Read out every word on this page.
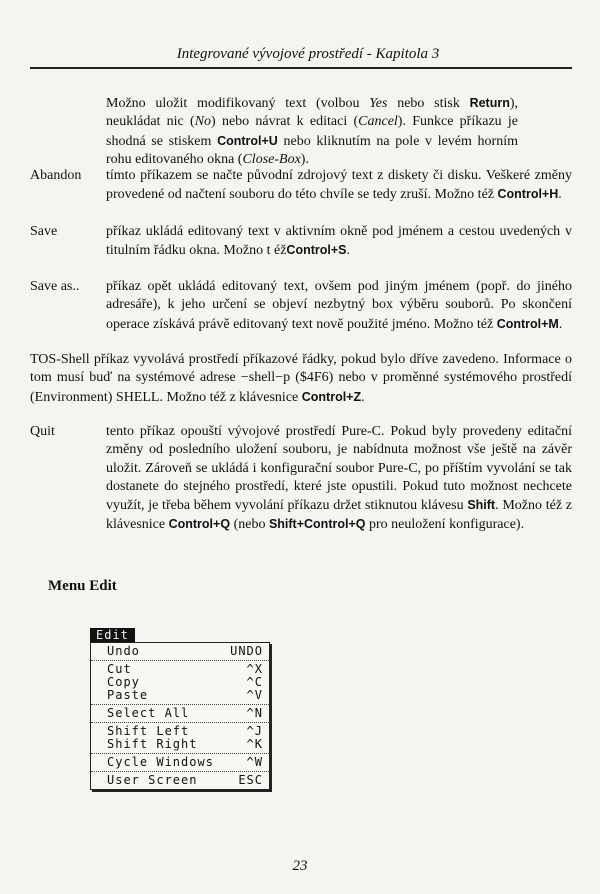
Integrované vývojové prostředí - Kapitola 3
Možno uložit modifikovaný text (volbou Yes nebo stisk Return), neukládat nic (No) nebo návrat k editaci (Cancel). Funkce příkazu je shodná se stiskem Control+U nebo kliknutím na pole v levém horním rohu editovaného okna (Close-Box).
Abandon tímto příkazem se načte původní zdrojový text z diskety či disku. Veškeré změny provedené od načtení souboru do této chvíle se tedy zruší. Možno též Control+H.
Save	příkaz ukládá editovaný text v aktivním okně pod jménem a cestou uvedených v titulním řádku okna. Možno t éžControl+S.
Save as.. příkaz opět ukládá editovaný text, ovšem pod jiným jménem (popř. do jiného adresáře), k jeho určení se objeví nezbytný box výběru souborů. Po skončení operace získává právě editovaný text nově použité jméno. Možno též Control+M.
TOS-Shell příkaz vyvolává prostředí příkazové řádky, pokud bylo dříve zavedeno. Informace o tom musí buď na systémové adrese −shell−p ($4F6) nebo v proměnné systémového prostředí (Environment) SHELL. Možno též z klávesnice Control+Z.
Quit	tento příkaz opouští vývojové prostředí Pure-C. Pokud byly provedeny editační změny od posledního uložení souboru, je nabídnuta možnost vše ještě na závěr uložit. Zároveň se ukládá i konfigurační soubor Pure-C, po příštím vyvolání se tak dostanete do stejného prostředí, které jste opustili. Pokud tuto možnost nechcete využít, je třeba během vyvolání příkazu držet stiknutou klávesu Shift. Možno též z klávesnice Control+Q (nebo Shift+Control+Q pro neuložení konfigurace).
Menu Edit
Edit
Undo	UNDO
Cut	^X
Copy	^C
Paste	^V
Select All	^N
Shift Left	^J
Shift Right	^K
Cycle Windows	^W
User Screen	ESC
23
